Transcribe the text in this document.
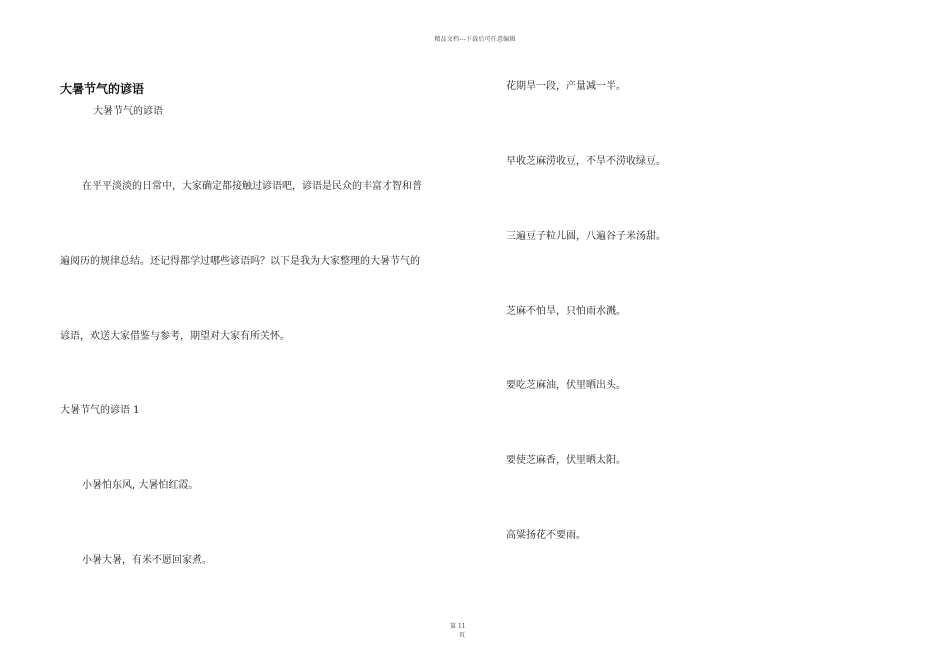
精品文档---下载后可任意编辑
大暑节气的谚语
大暑节气的谚语
在平平淡淡的日常中，大家确定都接触过谚语吧，谚语是民众的丰富才智和普
遍阅历的规律总结。还记得都学过哪些谚语吗？以下是我为大家整理的大暑节气的
谚语，欢送大家借鉴与参考，期望对大家有所关怀。
大暑节气的谚语 1
小暑怕东风, 大暑怕红霞。
小暑大暑，有米不愿回家煮。
花期旱一段，产量减一半。
早收芝麻涝收豆，不旱不涝收绿豆。
三遍豆子粒儿圆，八遍谷子米汤甜。
芝麻不怕旱，只怕雨水溅。
要吃芝麻油，伏里晒出头。
要使芝麻香，伏里晒太阳。
高粱扬花不要雨。
第 11
页
